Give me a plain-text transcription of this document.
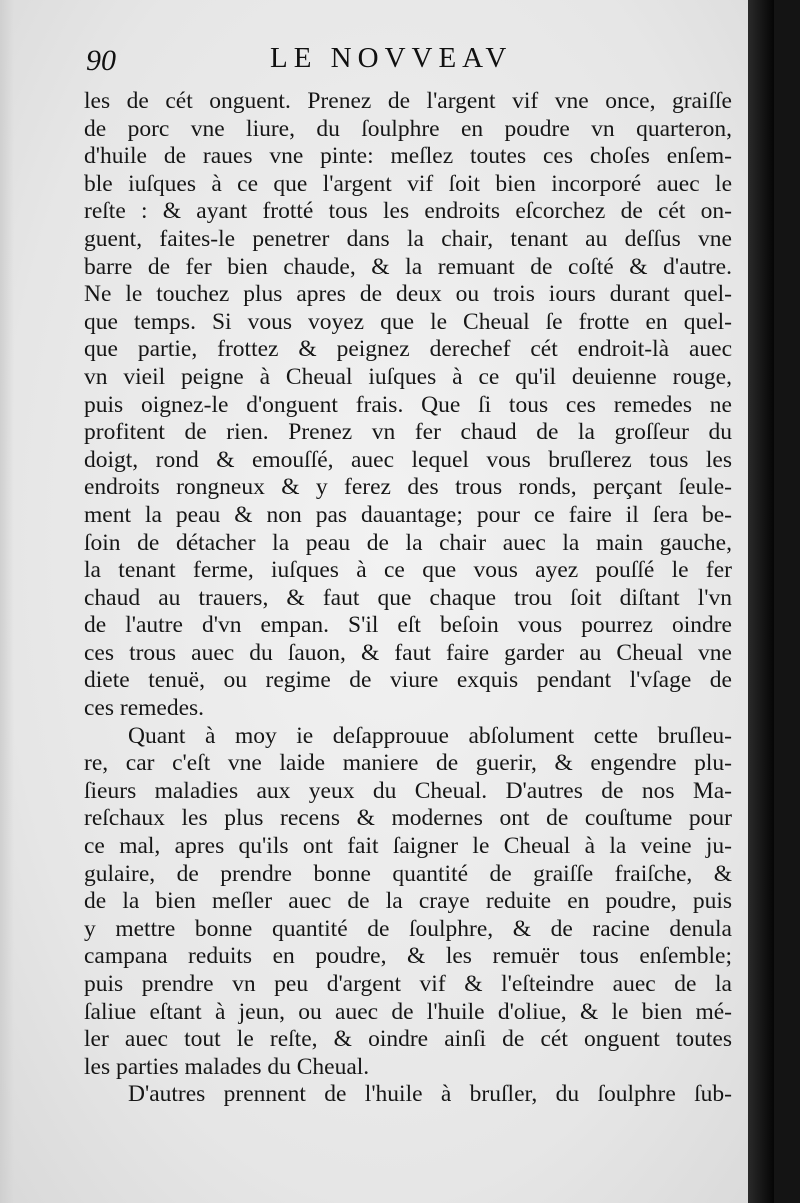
90	LE NOVVEAV
les de cét onguent. Prenez de l'argent vif vne once, graiſſe
de porc vne liure, du ſoulphre en poudre vn quarteron,
d'huile de raues vne pinte: meſlez toutes ces choſes enſem-
ble iuſques à ce que l'argent vif ſoit bien incorporé auec le
reſte : & ayant frotté tous les endroits eſcorchez de cét on-
guent, faites-le penetrer dans la chair, tenant au deſſus vne
barre de fer bien chaude, & la remuant de coſté & d'autre.
Ne le touchez plus apres de deux ou trois iours durant quel-
que temps. Si vous voyez que le Cheual ſe frotte en quel-
que partie, frottez & peignez derechef cét endroit-là auec
vn vieil peigne à Cheual iuſques à ce qu'il deuienne rouge,
puis oignez-le d'onguent frais. Que ſi tous ces remedes ne
profitent de rien. Prenez vn fer chaud de la groſſeur du
doigt, rond & emouſſé, auec lequel vous bruſlerez tous les
endroits rongneux & y ferez des trous ronds, perçant ſeule-
ment la peau & non pas dauantage; pour ce faire il ſera be-
ſoin de détacher la peau de la chair auec la main gauche,
la tenant ferme, iuſques à ce que vous ayez pouſſé le fer
chaud au trauers, & faut que chaque trou ſoit diſtant l'vn
de l'autre d'vn empan. S'il eſt beſoin vous pourrez oindre
ces trous auec du ſauon, & faut faire garder au Cheual vne
diete tenuë, ou regime de viure exquis pendant l'vſage de
ces remedes.
Quant à moy ie deſapprouue abſolument cette bruſleu-
re, car c'eſt vne laide maniere de guerir, & engendre plu-
ſieurs maladies aux yeux du Cheual. D'autres de nos Ma-
reſchaux les plus recens & modernes ont de couſtume pour
ce mal, apres qu'ils ont fait ſaigner le Cheual à la veine ju-
gulaire, de prendre bonne quantité de graiſſe fraiſche, &
de la bien meſler auec de la craye reduite en poudre, puis
y mettre bonne quantité de ſoulphre, & de racine denula
campana reduits en poudre, & les remuër tous enſemble;
puis prendre vn peu d'argent vif & l'eſteindre auec de la
ſaliue eſtant à jeun, ou auec de l'huile d'oliue, & le bien mé-
ler auec tout le reſte, & oindre ainſi de cét onguent toutes
les parties malades du Cheual.
D'autres prennent de l'huile à bruſler, du ſoulphre ſub-
